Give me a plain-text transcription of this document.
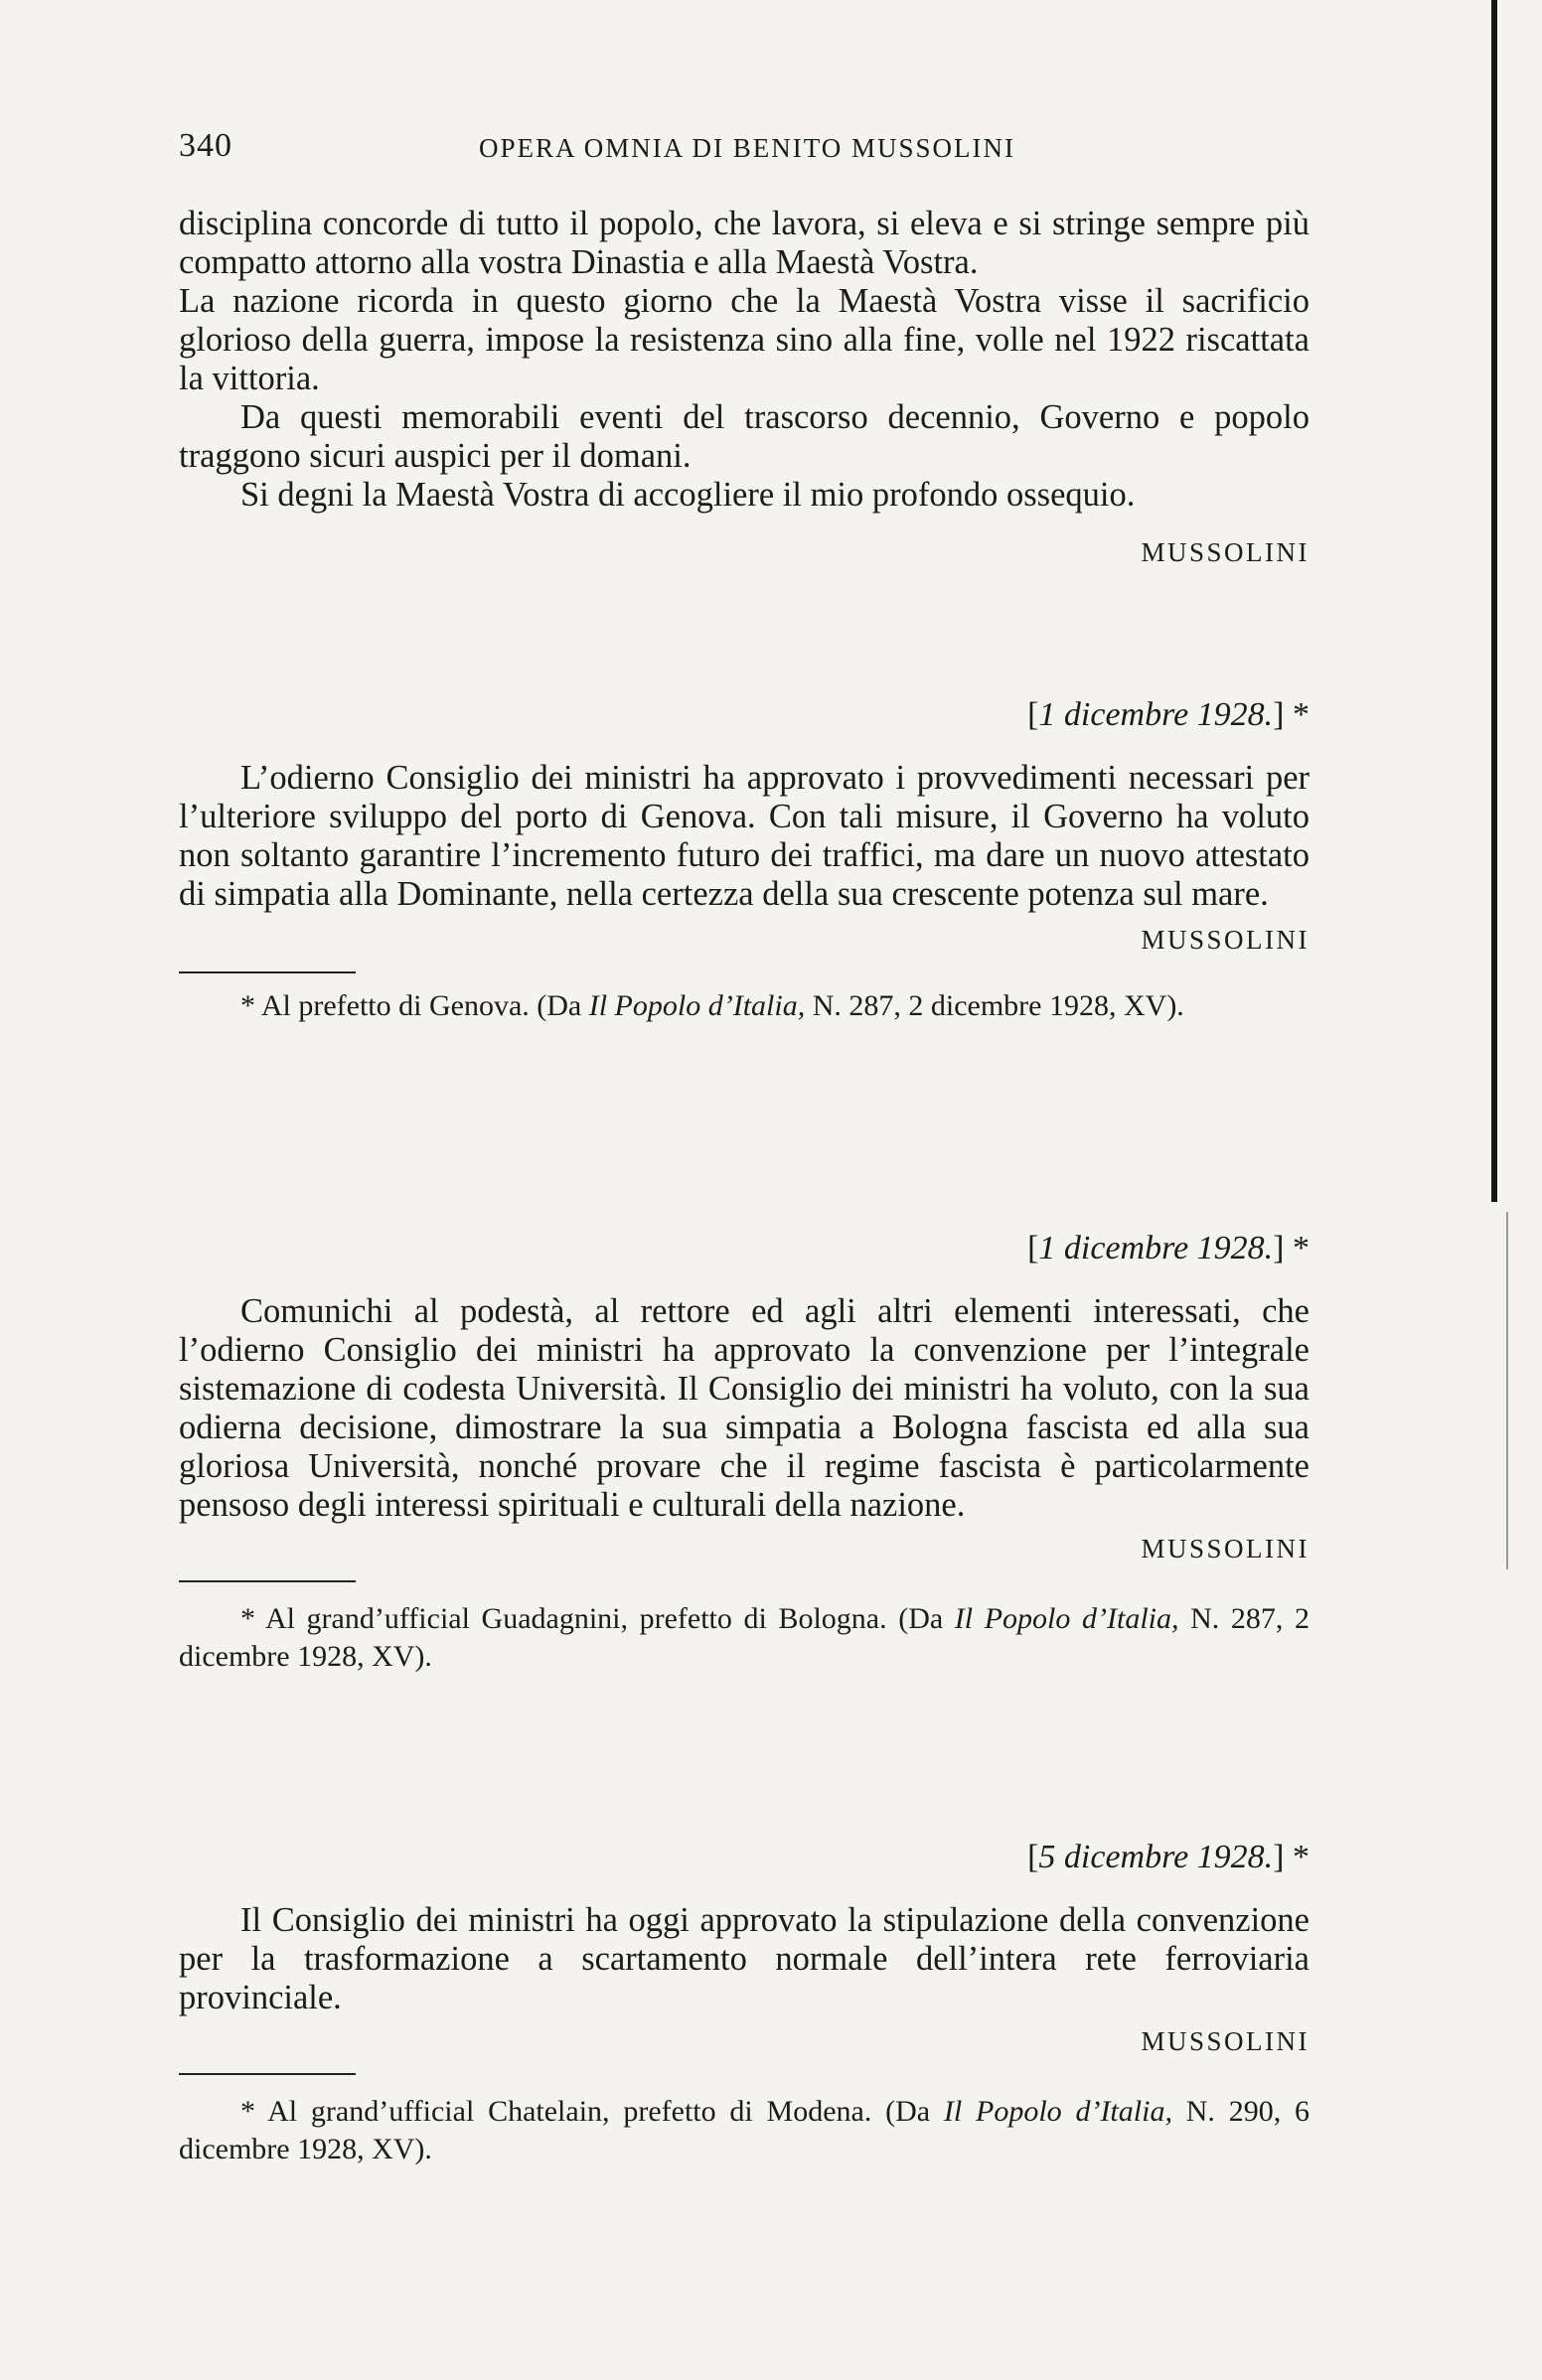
340	OPERA OMNIA DI BENITO MUSSOLINI

disciplina concorde di tutto il popolo, che lavora, si eleva e si stringe sempre più compatto attorno alla vostra Dinastia e alla Maestà Vostra.

La nazione ricorda in questo giorno che la Maestà Vostra visse il sacrificio glorioso della guerra, impose la resistenza sino alla fine, volle nel 1922 riscattata la vittoria.

Da questi memorabili eventi del trascorso decennio, Governo e popolo traggono sicuri auspici per il domani.

Si degni la Maestà Vostra di accogliere il mio profondo ossequio.

MUSSOLINI
[1 dicembre 1928.] *

L’odierno Consiglio dei ministri ha approvato i provvedimenti necessari per l’ulteriore sviluppo del porto di Genova. Con tali misure, il Governo ha voluto non soltanto garantire l’incremento futuro dei traffici, ma dare un nuovo attestato di simpatia alla Dominante, nella certezza della sua crescente potenza sul mare.

MUSSOLINI

* Al prefetto di Genova. (Da Il Popolo d’Italia, N. 287, 2 dicembre 1928, XV).

[1 dicembre 1928.] *

Comunichi al podestà, al rettore ed agli altri elementi interessati, che l’odierno Consiglio dei ministri ha approvato la convenzione per l’integrale sistemazione di codesta Università. Il Consiglio dei ministri ha voluto, con la sua odierna decisione, dimostrare la sua simpatia a Bologna fascista ed alla sua gloriosa Università, nonché provare che il regime fascista è particolarmente pensoso degli interessi spirituali e culturali della nazione.

MUSSOLINI

* Al grand’ufficial Guadagnini, prefetto di Bologna. (Da Il Popolo d’Italia, N. 287, 2 dicembre 1928, XV).

[5 dicembre 1928.] *

Il Consiglio dei ministri ha oggi approvato la stipulazione della convenzione per la trasformazione a scartamento normale dell’intera rete ferroviaria provinciale.

MUSSOLINI

* Al grand’ufficial Chatelain, prefetto di Modena. (Da Il Popolo d’Italia, N. 290, 6 dicembre 1928, XV).
